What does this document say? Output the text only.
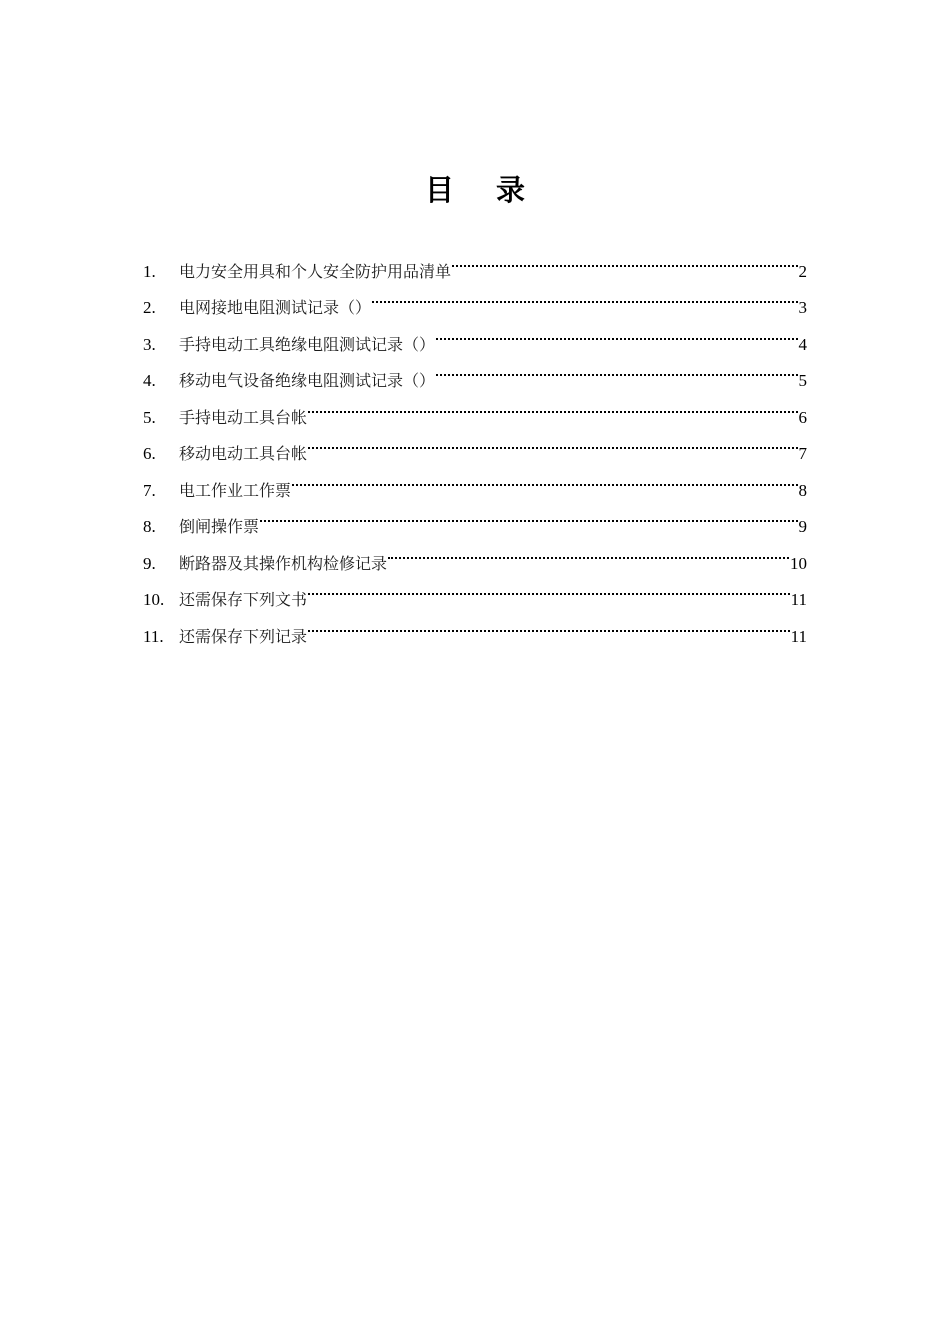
目 录
1.	电力安全用具和个人安全防护用品清单	2
2.	电网接地电阻测试记录（）	3
3.	手持电动工具绝缘电阻测试记录（）	4
4.	移动电气设备绝缘电阻测试记录（）	5
5.	手持电动工具台帐	6
6.	移动电动工具台帐	7
7.	电工作业工作票	8
8.	倒闸操作票	9
9.	断路器及其操作机构检修记录	10
10. 还需保存下列文书	11
11. 还需保存下列记录	11
